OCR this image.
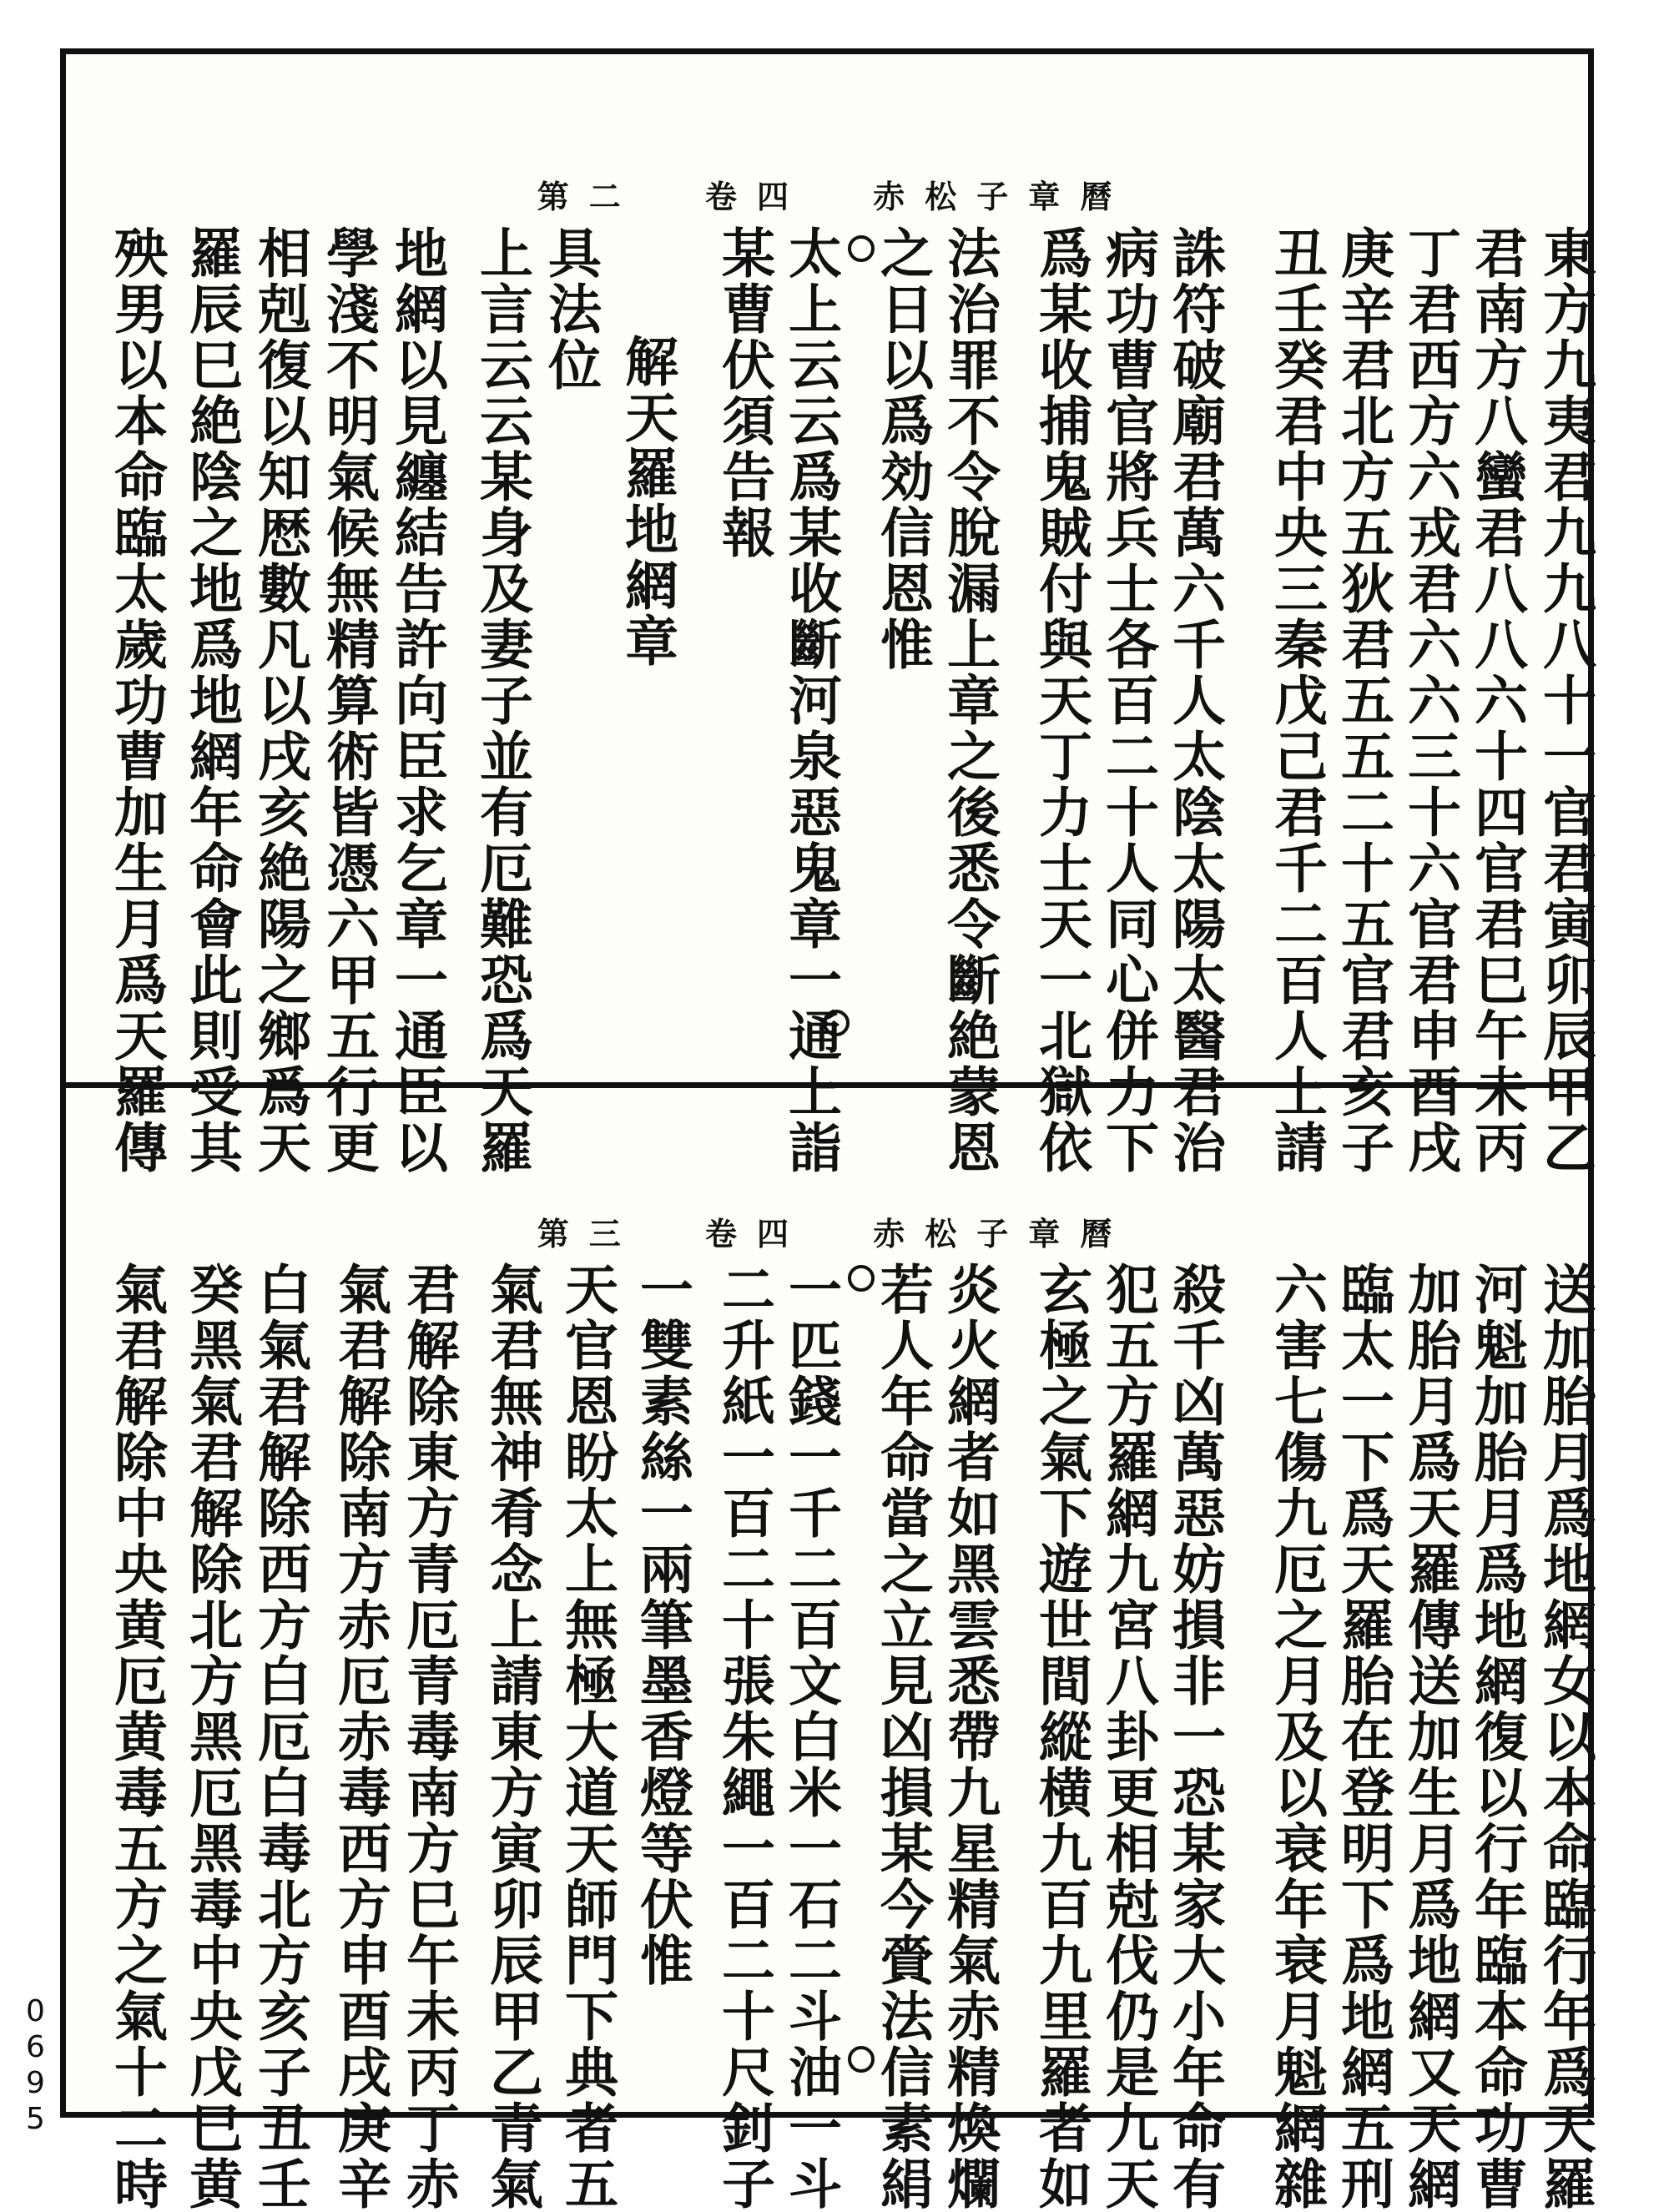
第二 卷四 赤松子章曆
第三 卷四 赤松子章曆
東方九夷君九九八十一官君寅卯辰甲乙
君南方八蠻君八八六十四官君巳午未丙
丁君西方六戎君六六三十六官君申酉戌
庚辛君北方五狄君五五二十五官君亥子
丑壬癸君中央三秦戊己君千二百人上請
誅符破廟君萬六千人太陰太陽太醫君治
病功曹官將兵士各百二十人同心併力下
爲某收捕鬼賊付與天丁力士天一北獄依
法治罪不令脫漏上章之後悉令斷絶蒙恩
之日以爲効信恩惟
太上云云爲某收斷河泉惡鬼章一通上詣
某曹伏須告報
解天羅地網章
具法位
上言云云某身及妻子並有厄難恐爲天羅
地網以見纏結告許向臣求乞章一通臣以
學淺不明氣候無精算術皆憑六甲五行更
相剋復以知厯數凡以戌亥絶陽之鄉爲天
羅辰巳絶陰之地爲地網年命會此則受其
殃男以本命臨太歲功曹加生月爲天羅傳
送加胎月爲地網女以本命臨行年爲天羅
河魁加胎月爲地網復以行年臨本命功曹
加胎月爲天羅傳送加生月爲地網又天網
臨太一下爲天羅胎在登明下爲地網五刑
六害七傷九厄之月及以衰年衰月魁網雜
殺千凶萬惡妨損非一恐某家大小年命有
犯五方羅網九宮八卦更相尅伐仍是九天
玄極之氣下遊世間縱横九百九里羅者如
炎火網者如黑雲悉帶九星精氣赤精煥爛
若人年命當之立見凶損某今賫法信素絹
一匹錢一千二百文白米一石二斗油一斗
二升紙一百二十張朱繩一百二十尺釗子
一雙素絲一兩筆墨香燈等伏惟
天官恩盼太上無極大道天師門下典者五
氣君無神肴念上請東方寅卯辰甲乙青氣
君解除東方青厄青毒南方巳午未丙丁赤
氣君解除南方赤厄赤毒西方申酉戌庚辛
白氣君解除西方白厄白毒北方亥子丑壬
癸黑氣君解除北方黑厄黑毒中央戊巳黄
氣君解除中央黄厄黄毒五方之氣十二時
0695
